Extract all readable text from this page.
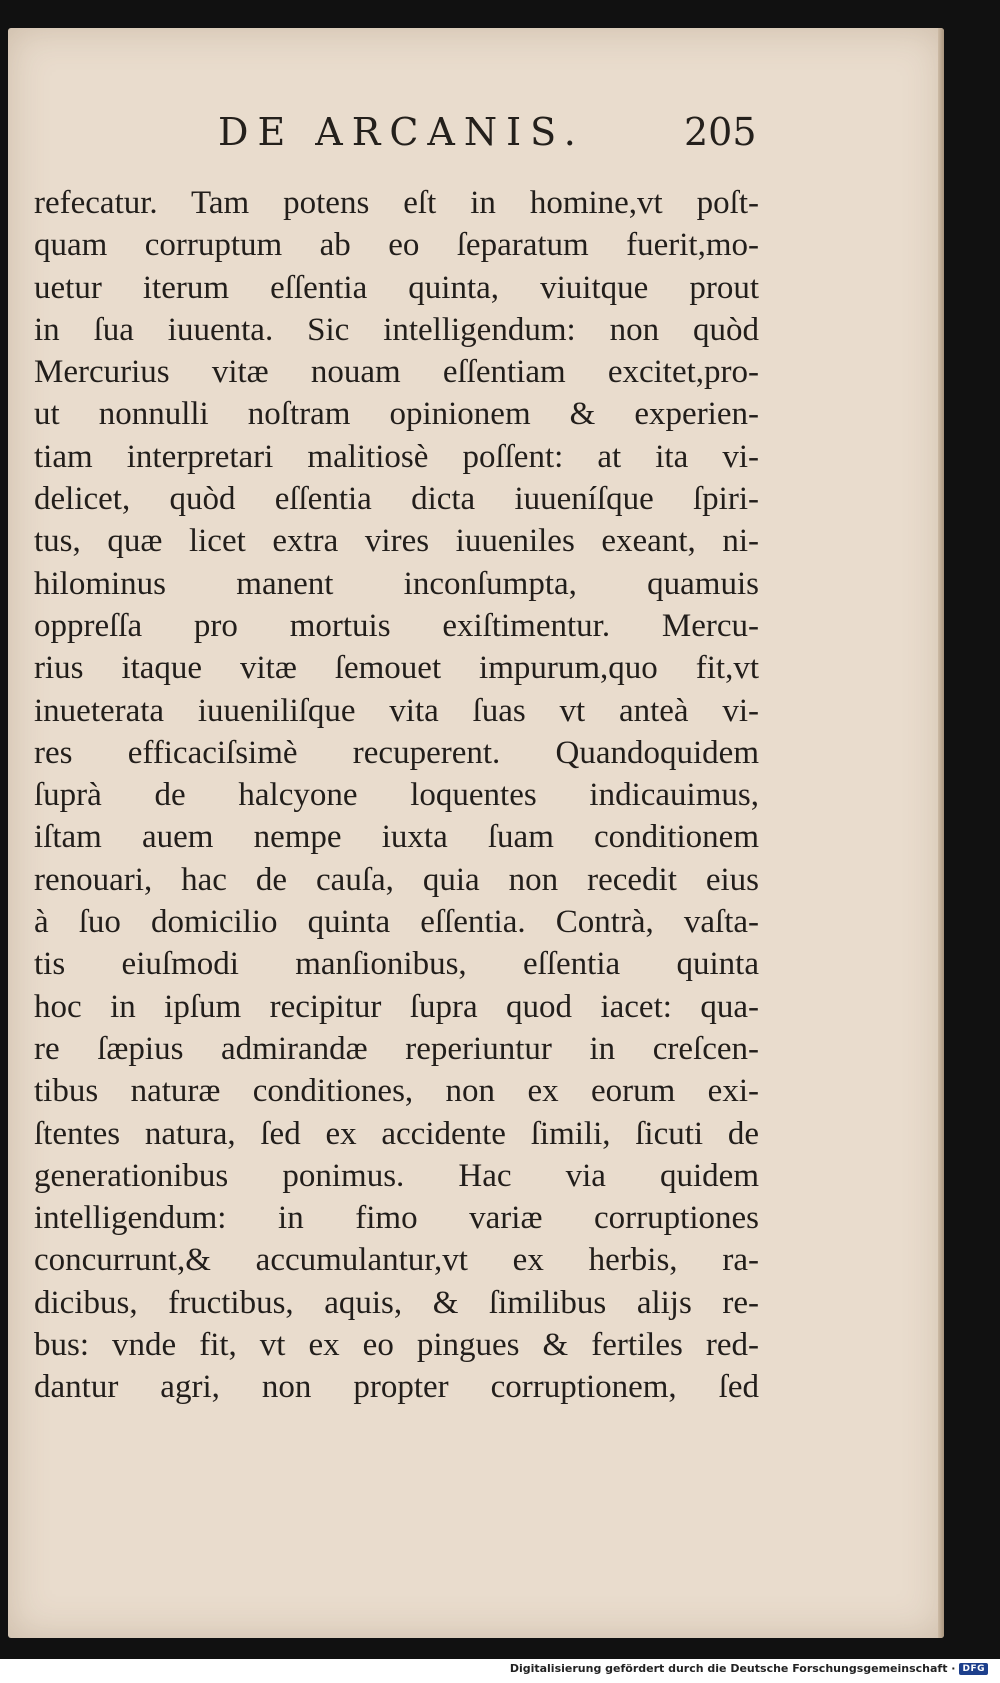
DE ARCANIS.	205
refecatur. Tam potens eſt in homine,vt poſt-
quam corruptum ab eo ſeparatum fuerit,mo-
uetur iterum eſſentia quinta, viuitque prout
in ſua iuuenta. Sic intelligendum: non quòd
Mercurius vitæ nouam eſſentiam excitet,pro-
ut nonnulli noſtram opinionem & experien-
tiam interpretari malitiosè poſſent: at ita vi-
delicet, quòd eſſentia dicta iuueníſque ſpiri-
tus, quæ licet extra vires iuueniles exeant, ni-
hilominus manent inconſumpta, quamuis
oppreſſa pro mortuis exiſtimentur. Mercu-
rius itaque vitæ ſemouet impurum,quo fit,vt
inueterata iuueniliſque vita ſuas vt anteà vi-
res efficaciſsimè recuperent. Quandoquidem
ſuprà de halcyone loquentes indicauimus,
iſtam auem nempe iuxta ſuam conditionem
renouari, hac de cauſa, quia non recedit eius
à ſuo domicilio quinta eſſentia. Contrà, vaſta-
tis eiuſmodi manſionibus, eſſentia quinta
hoc in ipſum recipitur ſupra quod iacet: qua-
re ſæpius admirandæ reperiuntur in creſcen-
tibus naturæ conditiones, non ex eorum exi-
ſtentes natura, ſed ex accidente ſimili, ſicuti de
generationibus ponimus. Hac via quidem
intelligendum: in fimo variæ corruptiones
concurrunt,& accumulantur,vt ex herbis, ra-
dicibus, fructibus, aquis, & ſimilibus alijs re-
bus: vnde fit, vt ex eo pingues & fertiles red-
dantur agri, non propter corruptionem, ſed
Digitalisierung gefördert durch die Deutsche Forschungsgemeinschaft · DFG
